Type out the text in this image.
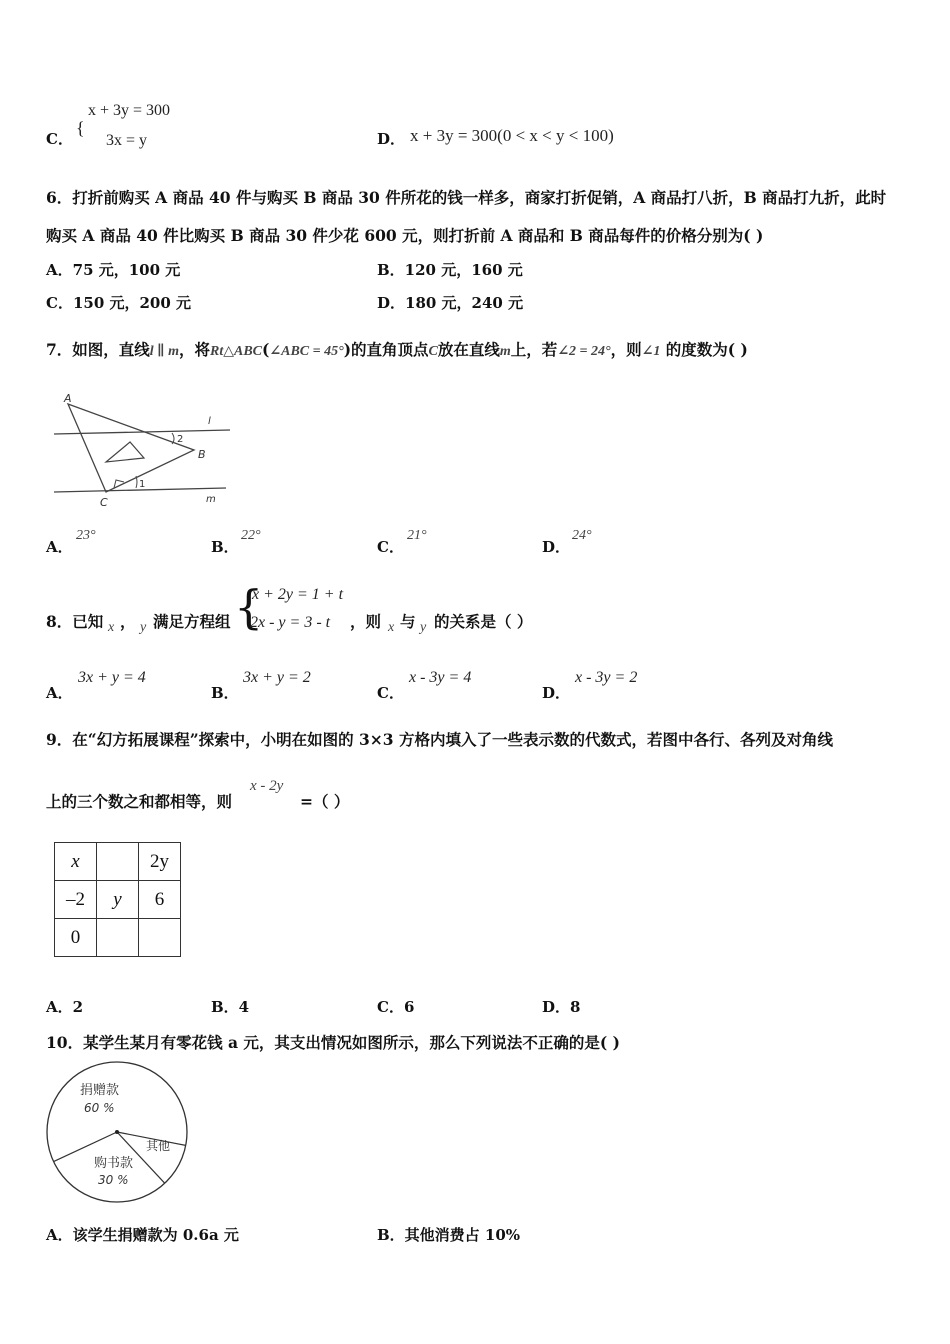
C．
{
x + 3y = 300
3x = y	D． x + 3y = 300(0 < x < y < 100)
6．打折前购买 A 商品 40 件与购买 B 商品 30 件所花的钱一样多，商家打折促销，A 商品打八折，B 商品打九折，此时
购买 A 商品 40 件比购买 B 商品 30 件少花 600 元，则打折前 A 商品和 B 商品每件的价格分别为( )
A．75 元，100 元	B．120 元，160 元
C．150 元，200 元	D．180 元，240 元
7．如图，直线l ∥ m，将Rt△ABC(∠ABC = 45°)的直角顶点C放在直线m上，若∠2 = 24°，则∠1 的度数为( )
A
B
C
l
m
1
2
A．
23°
B．
22°
C．
21°
D．
24°
8．已知 x ， y 满足方程组 {
x + 2y = 1 + t
2x - y = 3 - t ，则 x 与 y 的关系是（ ）
A．
3x + y = 4
B．
3x + y = 2
C．
x - 3y = 4
D．
x - 3y = 2
9．在“幻方拓展课程”探索中，小明在如图的 3×3 方格内填入了一些表示数的代数式，若图中各行、各列及对角线
上的三个数之和都相等，则
x - 2y
=（ ）
x		2y
–2	y	6
0		
A．2	B．4	C．6	D．8
10．某学生某月有零花钱 a 元，其支出情况如图所示，那么下列说法不正确的是( )
捐赠款
60 %
购书款
30 %
其他
A．该学生捐赠款为 0.6a 元	B．其他消费占 10%
